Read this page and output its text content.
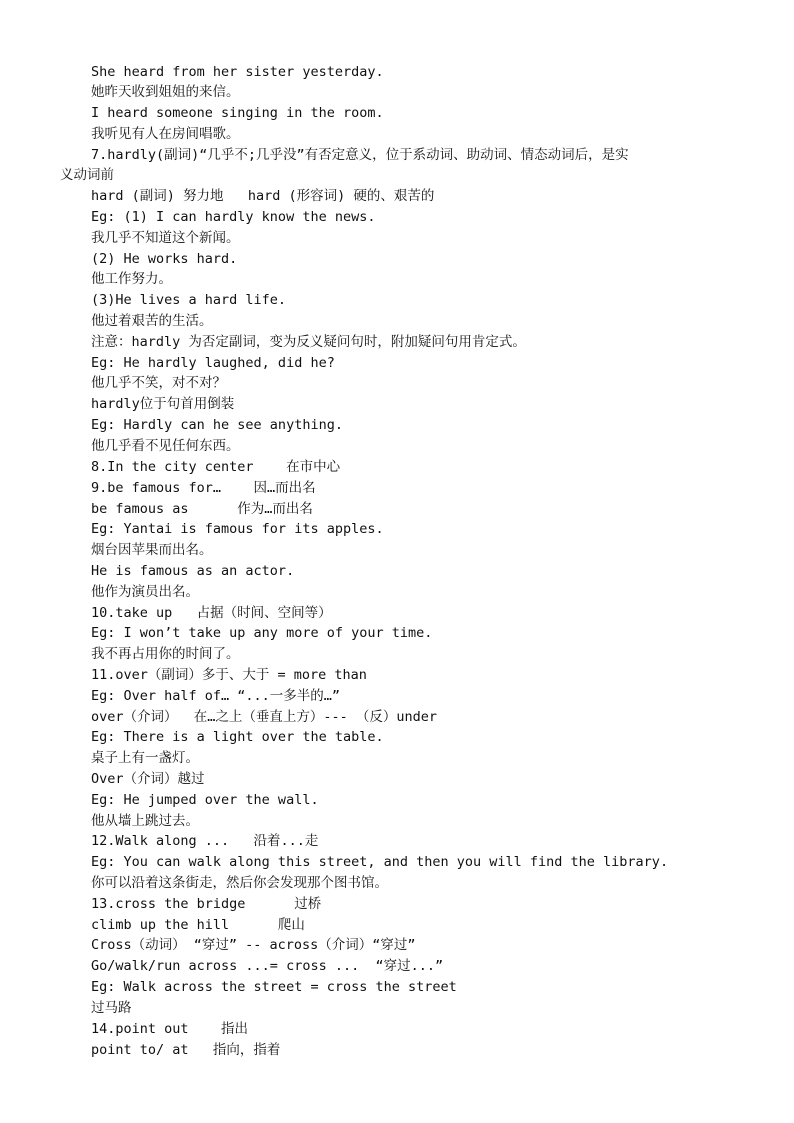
She heard from her sister yesterday.
她昨天收到姐姐的来信。
I heard someone singing in the room.
我听见有人在房间唱歌。
7.hardly(副词)“几乎不;几乎没”有否定意义，位于系动词、助动词、情态动词后，是实
义动词前
hard (副词) 努力地   hard (形容词) 硬的、艰苦的
Eg: (1) I can hardly know the news.
我几乎不知道这个新闻。
(2) He works hard.
他工作努力。
(3)He lives a hard life.
他过着艰苦的生活。
注意：hardly 为否定副词，变为反义疑问句时，附加疑问句用肯定式。
Eg: He hardly laughed, did he?
他几乎不笑，对不对？
hardly位于句首用倒装
Eg: Hardly can he see anything.
他几乎看不见任何东西。
8.In the city center    在市中心
9.be famous for…    因…而出名
be famous as      作为…而出名
Eg: Yantai is famous for its apples.
烟台因苹果而出名。
He is famous as an actor.
他作为演员出名。
10.take up   占据（时间、空间等）
Eg: I won’t take up any more of your time.
我不再占用你的时间了。
11.over（副词）多于、大于 = more than
Eg: Over half of… “...一多半的…”
over（介词）  在…之上（垂直上方）--- （反）under
Eg: There is a light over the table.
桌子上有一盏灯。
Over（介词）越过
Eg: He jumped over the wall.
他从墙上跳过去。
12.Walk along ...   沿着...走
Eg: You can walk along this street, and then you will find the library.
你可以沿着这条街走，然后你会发现那个图书馆。
13.cross the bridge      过桥
climb up the hill      爬山
Cross（动词） “穿过” -- across（介词）“穿过”
Go/walk/run across ...= cross ...  “穿过...”
Eg: Walk across the street = cross the street
过马路
14.point out    指出
point to/ at   指向，指着
